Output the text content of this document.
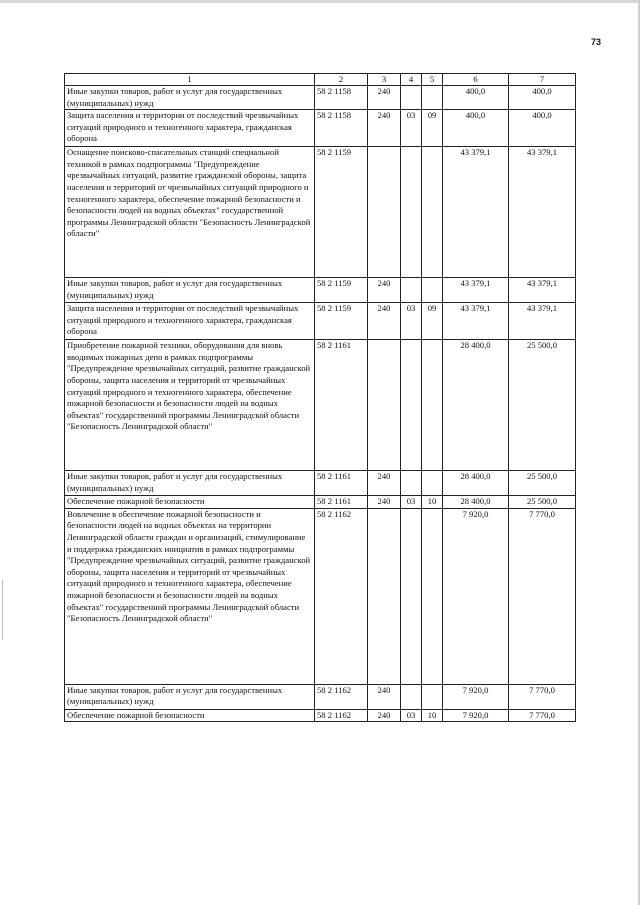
73
1	2	3	4	5	6	7
Иные закупки товаров, работ и услуг для государственных (муниципальных) нужд	58 2 1158	240			400,0	400,0
Защита населения и территории от последствий чрезвычайных ситуаций природного и техногенного характера, гражданская оборона	58 2 1158	240	03	09	400,0	400,0
Оснащение поисково-спасательных станций специальной техникой в рамках подпрограммы "Предупреждение чрезвычайных ситуаций, развитие гражданской обороны, защита населения и территорий от чрезвычайных ситуаций природного и техногенного характера, обеспечение пожарной безопасности и безопасности людей на водных объектах" государственной программы Ленинградской области "Безопасность Ленинградской области"	58 2 1159				43 379,1	43 379,1
Иные закупки товаров, работ и услуг для государственных (муниципальных) нужд	58 2 1159	240			43 379,1	43 379,1
Защита населения и территории от последствий чрезвычайных ситуаций природного и техногенного характера, гражданская оборона	58 2 1159	240	03	09	43 379,1	43 379,1
Приобретение пожарной техники, оборудования для вновь вводимых пожарных депо в рамках подпрограммы "Предупреждение чрезвычайных ситуаций, развитие гражданской обороны, защита населения и территорий от чрезвычайных ситуаций природного и техногенного характера, обеспечение пожарной безопасности и безопасности людей на водных объектах" государственной программы Ленинградской области "Безопасность Ленинградской области"	58 2 1161				28 400,0	25 500,0
Иные закупки товаров, работ и услуг для государственных (муниципальных) нужд	58 2 1161	240			28 400,0	25 500,0
Обеспечение пожарной безопасности	58 2 1161	240	03	10	28 400,0	25 500,0
Вовлечение в обеспечение пожарной безопасности и безопасности людей на водных объектах на территории Ленинградской области граждан и организаций, стимулирование и поддержка гражданских инициатив в рамках подпрограммы "Предупреждение чрезвычайных ситуаций, развитие гражданской обороны, защита населения и территорий от чрезвычайных ситуаций природного и техногенного характера, обеспечение пожарной безопасности и безопасности людей на водных объектах" государственной программы Ленинградской области "Безопасность Ленинградской области"	58 2 1162				7 920,0	7 770,0
Иные закупки товаров, работ и услуг для государственных (муниципальных) нужд	58 2 1162	240			7 920,0	7 770,0
Обеспечение пожарной безопасности	58 2 1162	240	03	10	7 920,0	7 770,0
